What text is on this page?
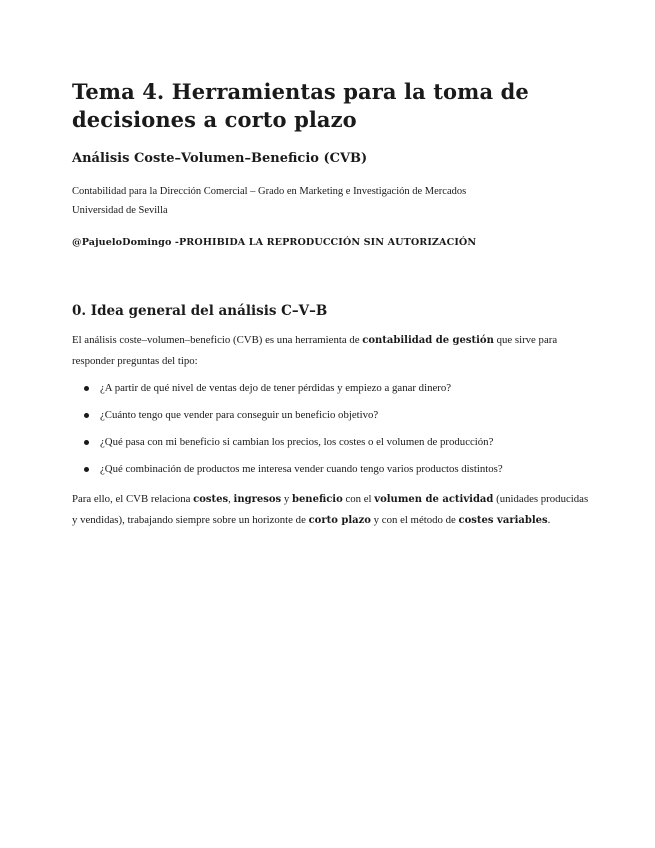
Tema 4. Herramientas para la toma de decisiones a corto plazo
Análisis Coste–Volumen–Beneficio (CVB)

Contabilidad para la Dirección Comercial – Grado en Marketing e Investigación de Mercados

Universidad de Sevilla

@PajueloDomingo -PROHIBIDA LA REPRODUCCIÓN SIN AUTORIZACIÓN

0. Idea general del análisis C–V–B

El análisis coste–volumen–beneficio (CVB) es una herramienta de contabilidad de gestión que sirve para responder preguntas del tipo:

¿A partir de qué nivel de ventas dejo de tener pérdidas y empiezo a ganar dinero?
¿Cuánto tengo que vender para conseguir un beneficio objetivo?
¿Qué pasa con mi beneficio si cambian los precios, los costes o el volumen de producción?
¿Qué combinación de productos me interesa vender cuando tengo varios productos distintos?

Para ello, el CVB relaciona costes, ingresos y beneficio con el volumen de actividad (unidades producidas y vendidas), trabajando siempre sobre un horizonte de corto plazo y con el método de costes variables.
